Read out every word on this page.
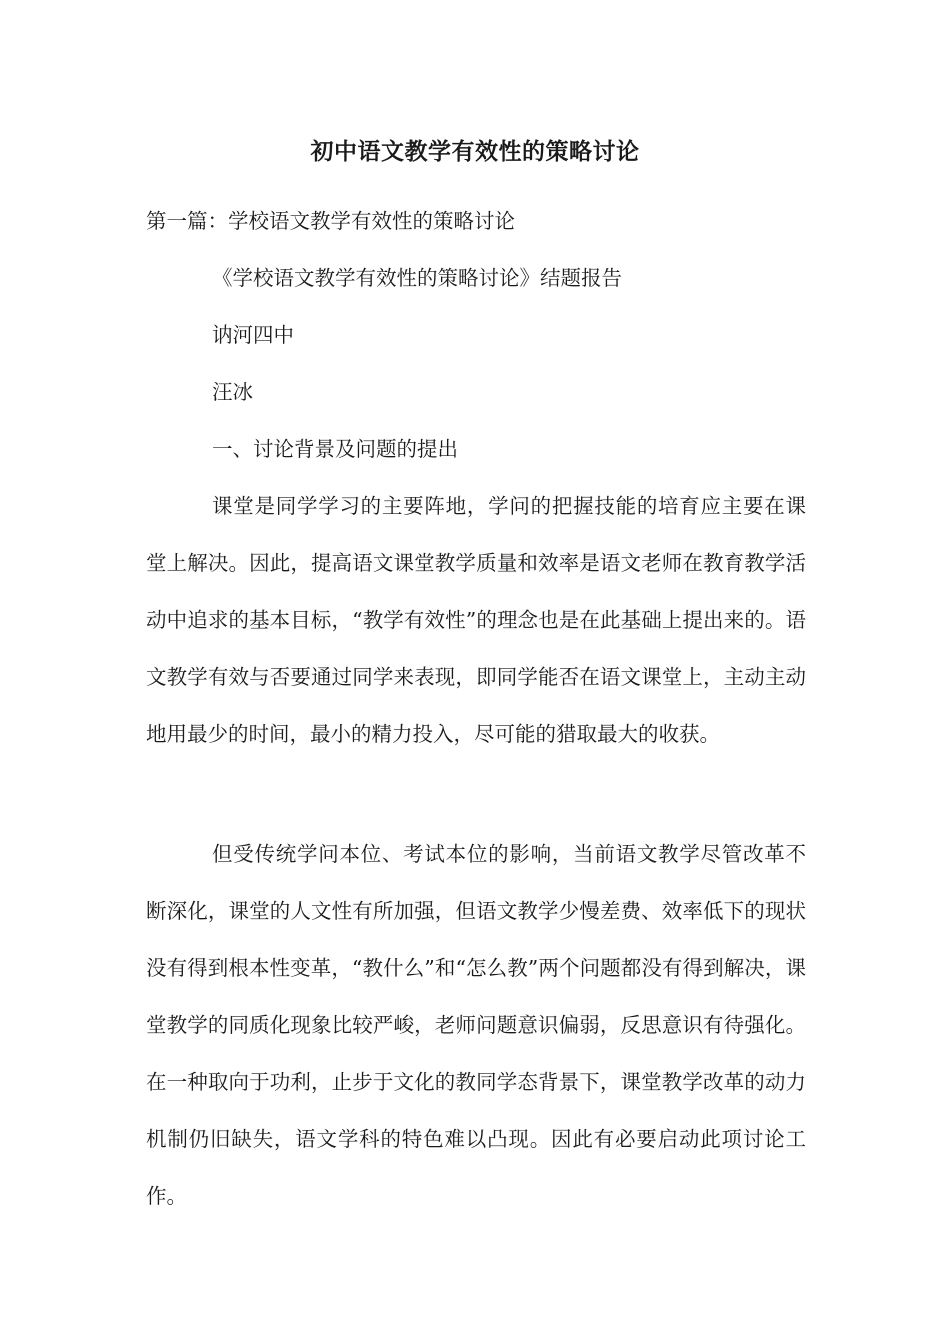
初中语文教学有效性的策略讨论
第一篇：学校语文教学有效性的策略讨论
《学校语文教学有效性的策略讨论》结题报告
讷河四中
汪冰
一、讨论背景及问题的提出

课堂是同学学习的主要阵地，学问的把握技能的培育应主要在课堂上解决。因此，提高语文课堂教学质量和效率是语文老师在教育教学活动中追求的基本目标，“教学有效性”的理念也是在此基础上提出来的。语文教学有效与否要通过同学来表现，即同学能否在语文课堂上，主动主动地用最少的时间，最小的精力投入，尽可能的猎取最大的收获。

但受传统学问本位、考试本位的影响，当前语文教学尽管改革不断深化，课堂的人文性有所加强，但语文教学少慢差费、效率低下的现状没有得到根本性变革，“教什么”和“怎么教”两个问题都没有得到解决，课堂教学的同质化现象比较严峻，老师问题意识偏弱，反思意识有待强化。在一种取向于功利，止步于文化的教同学态背景下，课堂教学改革的动力机制仍旧缺失，语文学科的特色难以凸现。因此有必要启动此项讨论工作。
